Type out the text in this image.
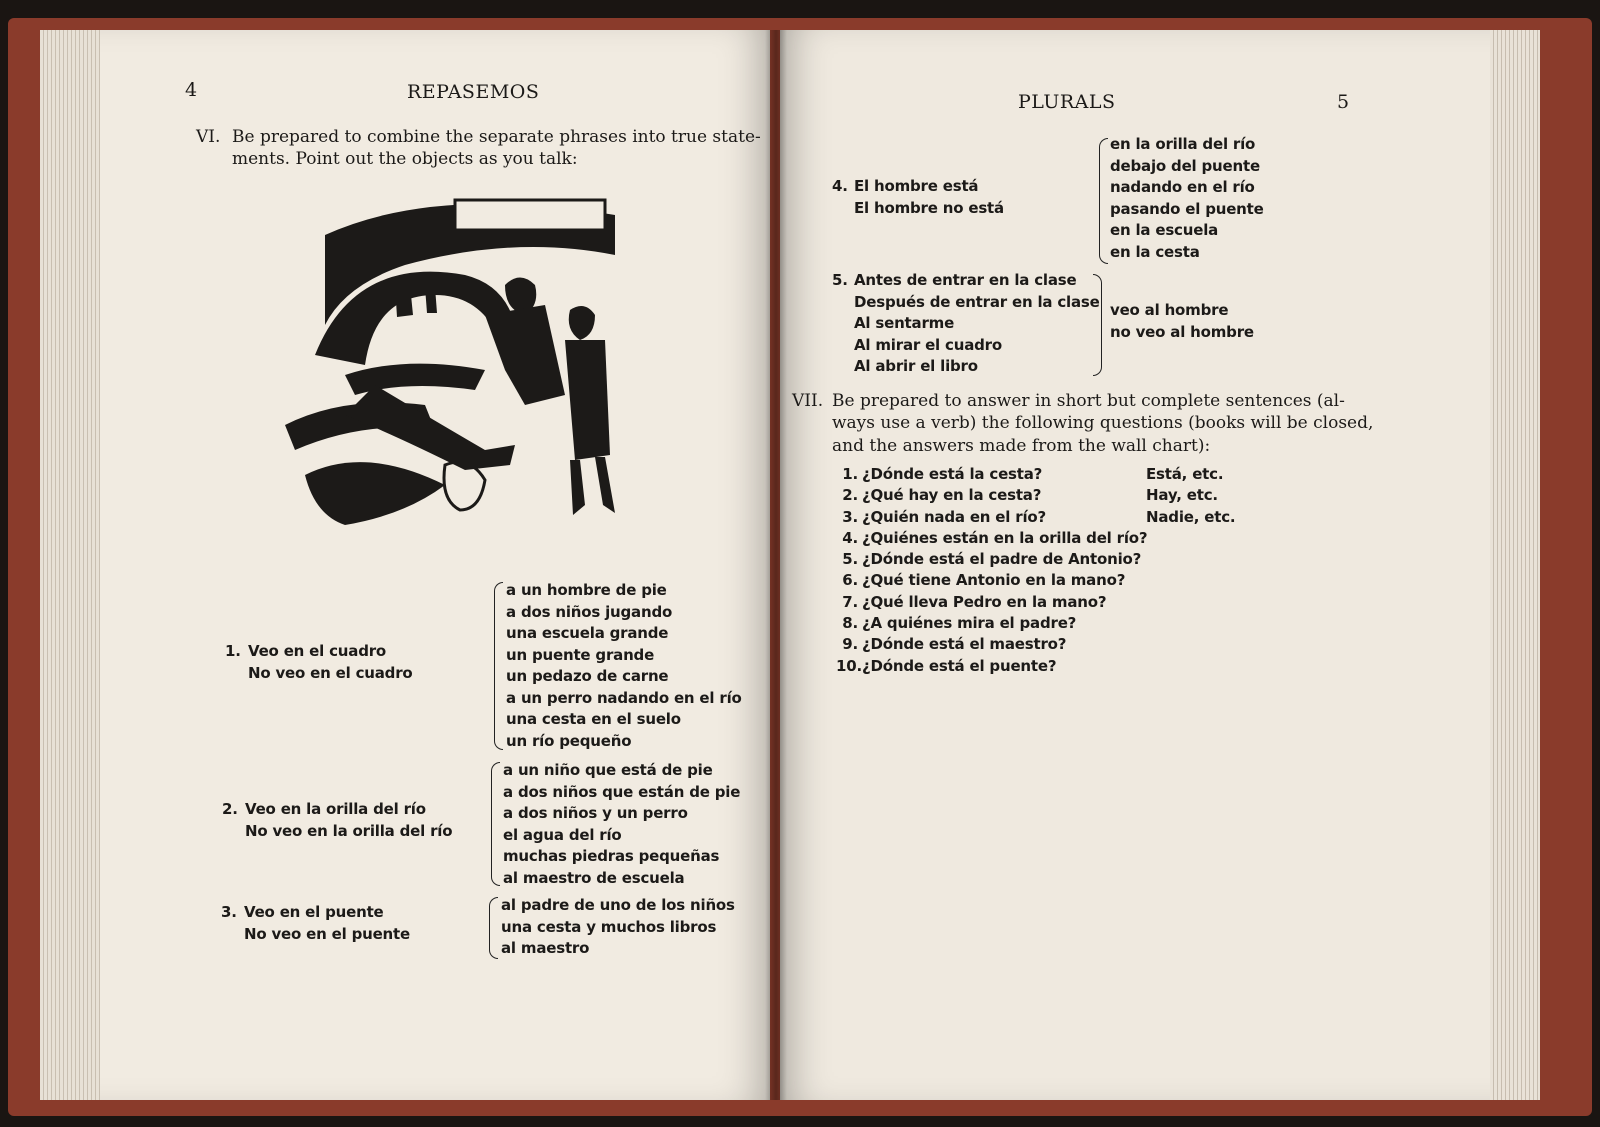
4	REPASEMOS
VI. Be prepared to combine the separate phrases into true state-
ments. Point out the objects as you talk:
1. Veo en el cuadro
No veo en el cuadro
a un hombre de pie
a dos niños jugando
una escuela grande
un puente grande
un pedazo de carne
a un perro nadando en el río
una cesta en el suelo
un río pequeño
2. Veo en la orilla del río
No veo en la orilla del río
a un niño que está de pie
a dos niños que están de pie
a dos niños y un perro
el agua del río
muchas piedras pequeñas
al maestro de escuela
3. Veo en el puente
No veo en el puente
al padre de uno de los niños
una cesta y muchos libros
al maestro
PLURALS	5
4. El hombre está
El hombre no está
en la orilla del río
debajo del puente
nadando en el río
pasando el puente
en la escuela
en la cesta
5. Antes de entrar en la clase
Después de entrar en la clase
Al sentarme
Al mirar el cuadro
Al abrir el libro
veo al hombre
no veo al hombre
VII. Be prepared to answer in short but complete sentences (al-
ways use a verb) the following questions (books will be closed,
and the answers made from the wall chart):
1. ¿Dónde está la cesta?	Está, etc.
2. ¿Qué hay en la cesta?	Hay, etc.
3. ¿Quién nada en el río?	Nadie, etc.
4. ¿Quiénes están en la orilla del río?
5. ¿Dónde está el padre de Antonio?
6. ¿Qué tiene Antonio en la mano?
7. ¿Qué lleva Pedro en la mano?
8. ¿A quiénes mira el padre?
9. ¿Dónde está el maestro?
10. ¿Dónde está el puente?
